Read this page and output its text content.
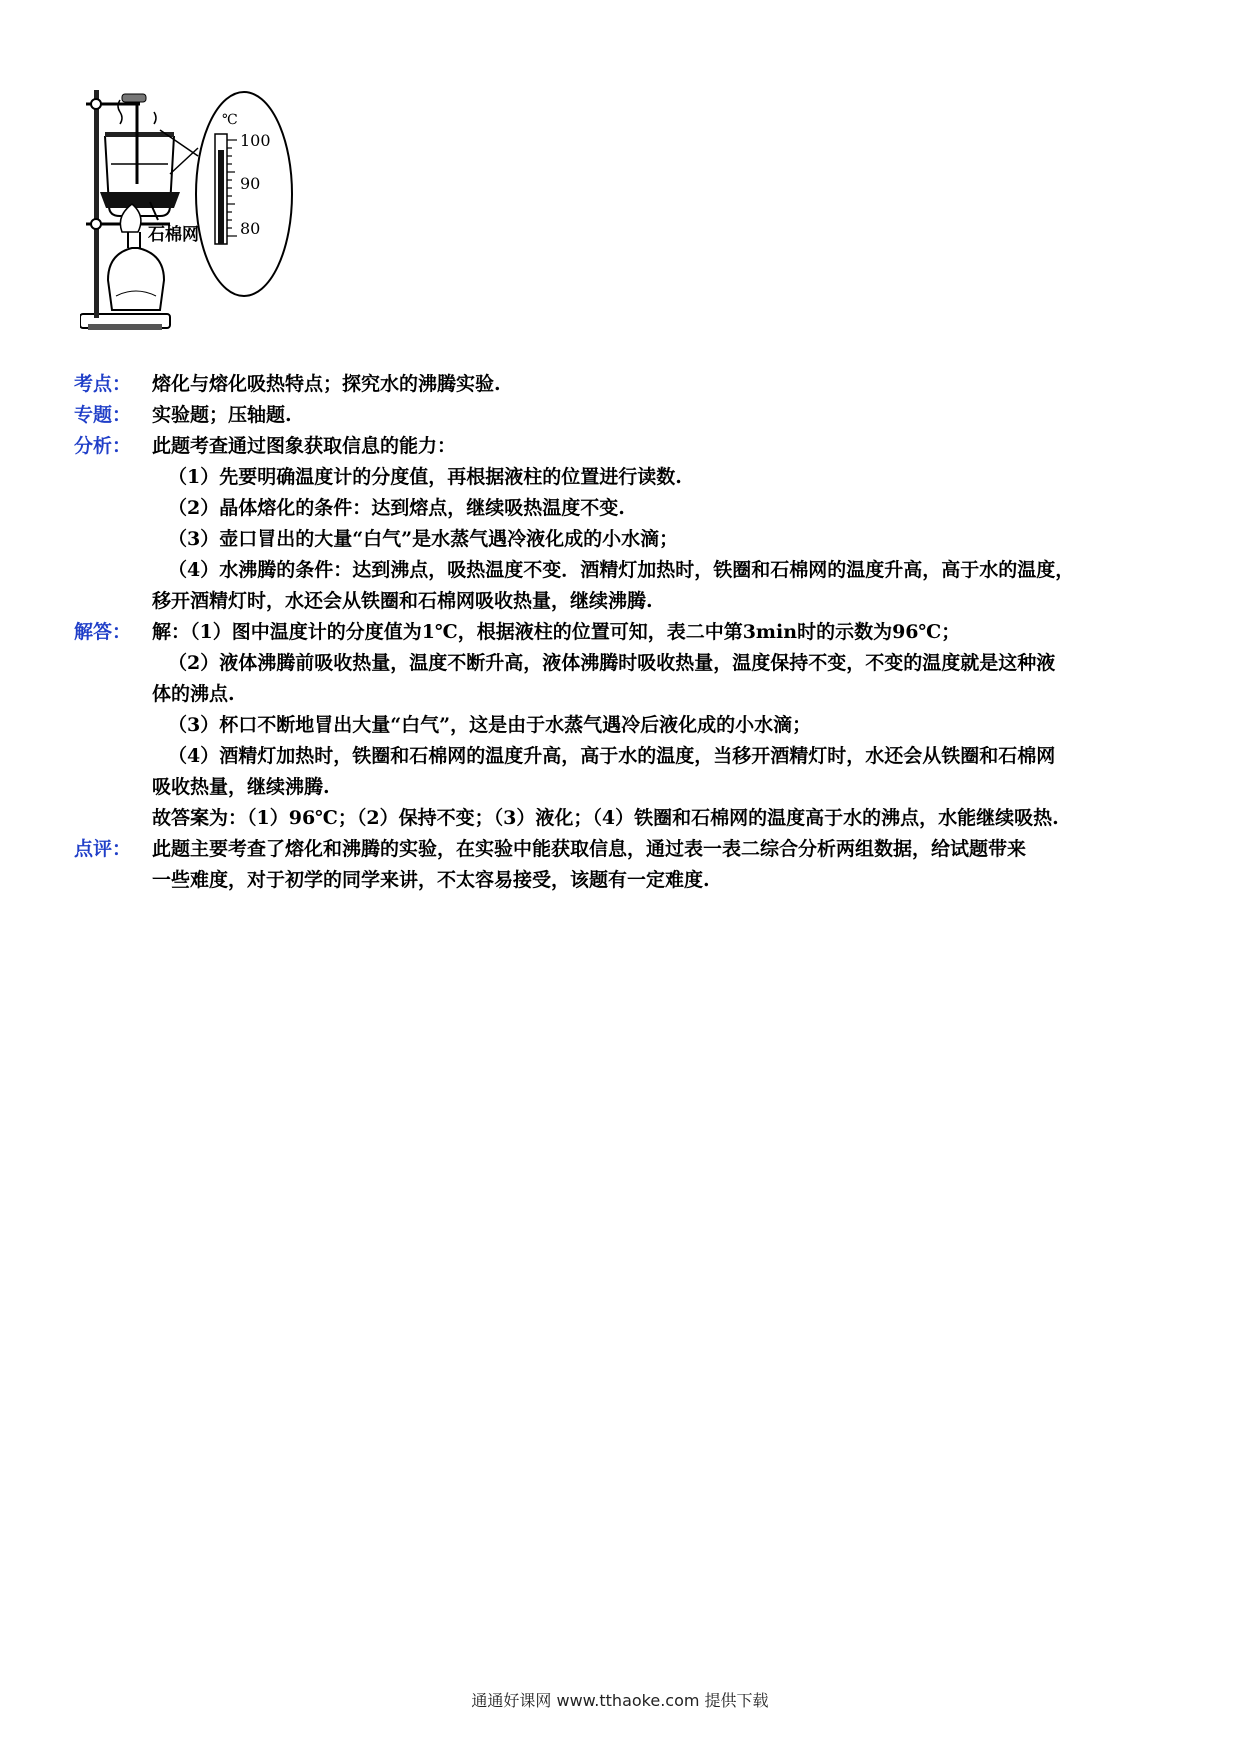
石棉网
℃
100
90
80
考点：	熔化与熔化吸热特点；探究水的沸腾实验.
专题：	实验题；压轴题.
分析：	此题考查通过图象获取信息的能力：
（1）先要明确温度计的分度值，再根据液柱的位置进行读数.
（2）晶体熔化的条件：达到熔点，继续吸热温度不变.
（3）壶口冒出的大量“白气”是水蒸气遇冷液化成的小水滴；
（4）水沸腾的条件：达到沸点，吸热温度不变．酒精灯加热时，铁圈和石棉网的温度升高，高于水的温度，
移开酒精灯时，水还会从铁圈和石棉网吸收热量，继续沸腾.
解答：	解：（1）图中温度计的分度值为1℃，根据液柱的位置可知，表二中第3min时的示数为96℃；
（2）液体沸腾前吸收热量，温度不断升高，液体沸腾时吸收热量，温度保持不变，不变的温度就是这种液
体的沸点.
（3）杯口不断地冒出大量“白气”，这是由于水蒸气遇冷后液化成的小水滴；
（4）酒精灯加热时，铁圈和石棉网的温度升高，高于水的温度，当移开酒精灯时，水还会从铁圈和石棉网
吸收热量，继续沸腾.
故答案为：（1）96℃；（2）保持不变；（3）液化；（4）铁圈和石棉网的温度高于水的沸点，水能继续吸热.
点评：	此题主要考查了熔化和沸腾的实验，在实验中能获取信息，通过表一表二综合分析两组数据，给试题带来
一些难度，对于初学的同学来讲，不太容易接受，该题有一定难度.
通通好课网 www.tthaoke.com 提供下载
